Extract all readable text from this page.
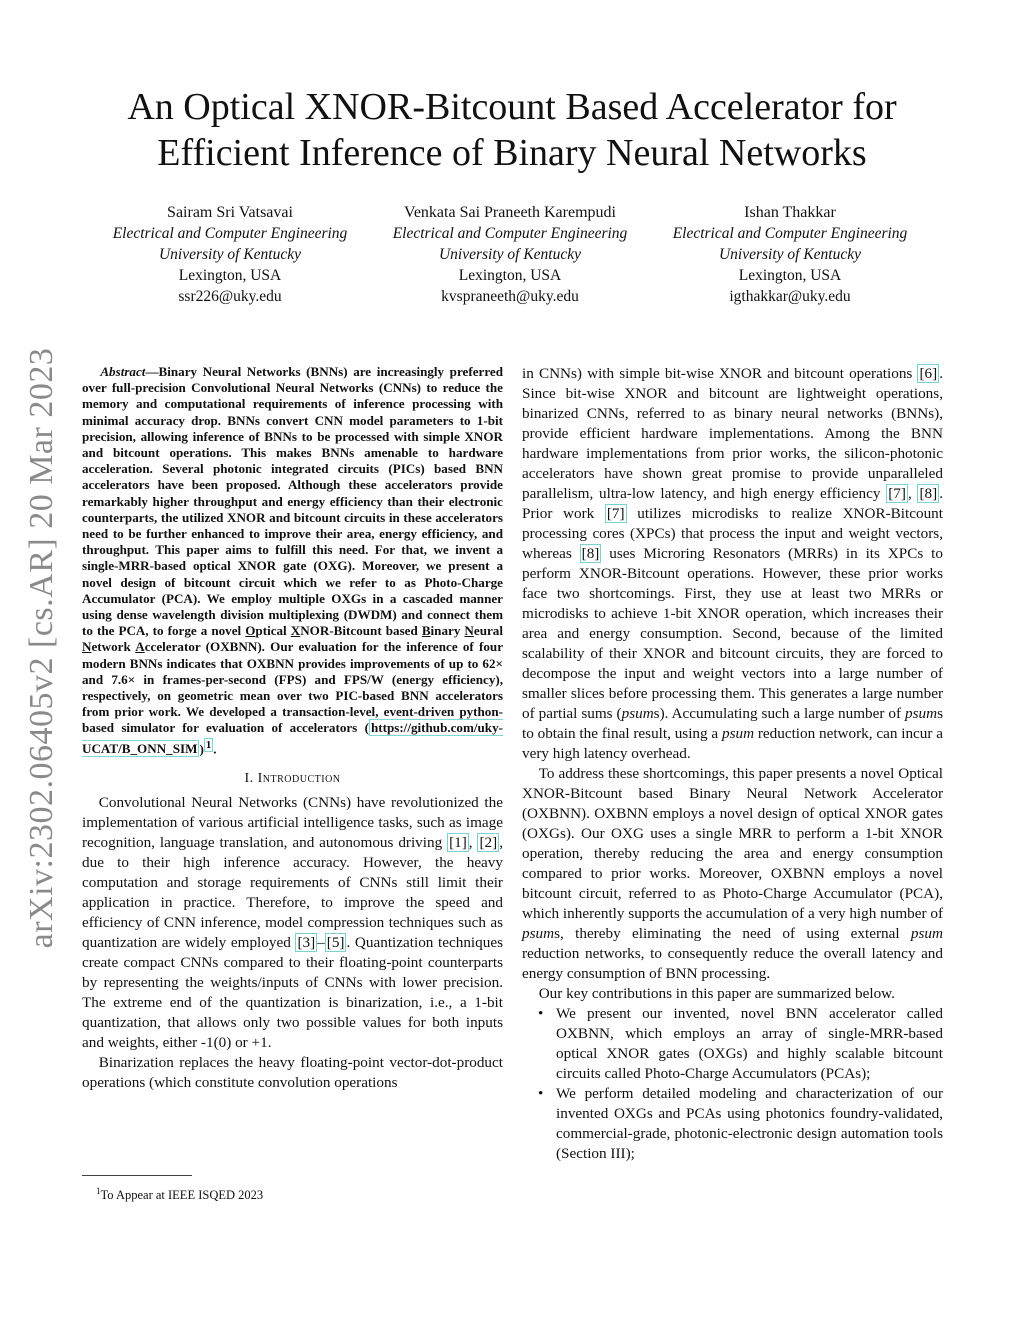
arXiv:2302.06405v2 [cs.AR] 20 Mar 2023
An Optical XNOR-Bitcount Based Accelerator for
Efficient Inference of Binary Neural Networks
Sairam Sri Vatsavai
Electrical and Computer Engineering
University of Kentucky
Lexington, USA
ssr226@uky.edu
Venkata Sai Praneeth Karempudi
Electrical and Computer Engineering
University of Kentucky
Lexington, USA
kvspraneeth@uky.edu
Ishan Thakkar
Electrical and Computer Engineering
University of Kentucky
Lexington, USA
igthakkar@uky.edu

Abstract—Binary Neural Networks (BNNs) are increasingly preferred over full-precision Convolutional Neural Networks (CNNs) to reduce the memory and computational requirements of inference processing with minimal accuracy drop. BNNs convert CNN model parameters to 1-bit precision, allowing inference of BNNs to be processed with simple XNOR and bitcount operations. This makes BNNs amenable to hardware acceleration. Several photonic integrated circuits (PICs) based BNN accelerators have been proposed. Although these accelerators provide remarkably higher throughput and energy efficiency than their electronic counterparts, the utilized XNOR and bitcount circuits in these accelerators need to be further enhanced to improve their area, energy efficiency, and throughput. This paper aims to fulfill this need. For that, we invent a single-MRR-based optical XNOR gate (OXG). Moreover, we present a novel design of bitcount circuit which we refer to as Photo-Charge Accumulator (PCA). We employ multiple OXGs in a cascaded manner using dense wavelength division multiplexing (DWDM) and connect them to the PCA, to forge a novel Optical XNOR-Bitcount based Binary Neural Network Accelerator (OXBNN). Our evaluation for the inference of four modern BNNs indicates that OXBNN provides improvements of up to 62× and 7.6× in frames-per-second (FPS) and FPS/W (energy efficiency), respectively, on geometric mean over two PIC-based BNN accelerators from prior work. We developed a transaction-level, event-driven python-based simulator for evaluation of accelerators ( https://github.com/uky-UCAT/B_ONN_SIM ) $^1$ .

I. Introduction

Convolutional Neural Networks (CNNs) have revolutionized the implementation of various artificial intelligence tasks, such as image recognition, language translation, and autonomous driving [1] , [2] , due to their high inference accuracy. However, the heavy computation and storage requirements of CNNs still limit their application in practice. Therefore, to improve the speed and efficiency of CNN inference, model compression techniques such as quantization are widely employed [3] – [5] . Quantization techniques create compact CNNs compared to their floating-point counterparts by representing the weights/inputs of CNNs with lower precision. The extreme end of the quantization is binarization, i.e., a 1-bit quantization, that allows only two possible values for both inputs and weights, either -1(0) or +1.

Binarization replaces the heavy floating-point vector-dot-product operations (which constitute convolution operations

$^1$To Appear at IEEE ISQED 2023

in CNNs) with simple bit-wise XNOR and bitcount operations [6] . Since bit-wise XNOR and bitcount are lightweight operations, binarized CNNs, referred to as binary neural networks (BNNs), provide efficient hardware implementations. Among the BNN hardware implementations from prior works, the silicon-photonic accelerators have shown great promise to provide unparalleled parallelism, ultra-low latency, and high energy efficiency [7] , [8] . Prior work [7] utilizes microdisks to realize XNOR-Bitcount processing cores (XPCs) that process the input and weight vectors, whereas [8] uses Microring Resonators (MRRs) in its XPCs to perform XNOR-Bitcount operations. However, these prior works face two shortcomings. First, they use at least two MRRs or microdisks to achieve 1-bit XNOR operation, which increases their area and energy consumption. Second, because of the limited scalability of their XNOR and bitcount circuits, they are forced to decompose the input and weight vectors into a large number of smaller slices before processing them. This generates a large number of partial sums (psums). Accumulating such a large number of psums to obtain the final result, using a psum reduction network, can incur a very high latency overhead.

To address these shortcomings, this paper presents a novel Optical XNOR-Bitcount based Binary Neural Network Accelerator (OXBNN). OXBNN employs a novel design of optical XNOR gates (OXGs). Our OXG uses a single MRR to perform a 1-bit XNOR operation, thereby reducing the area and energy consumption compared to prior works. Moreover, OXBNN employs a novel bitcount circuit, referred to as Photo-Charge Accumulator (PCA), which inherently supports the accumulation of a very high number of psums, thereby eliminating the need of using external psum reduction networks, to consequently reduce the overall latency and energy consumption of BNN processing.

Our key contributions in this paper are summarized below.

• We present our invented, novel BNN accelerator called OXBNN, which employs an array of single-MRR-based optical XNOR gates (OXGs) and highly scalable bitcount circuits called Photo-Charge Accumulators (PCAs);
• We perform detailed modeling and characterization of our invented OXGs and PCAs using photonics foundry-validated, commercial-grade, photonic-electronic design automation tools (Section III);
